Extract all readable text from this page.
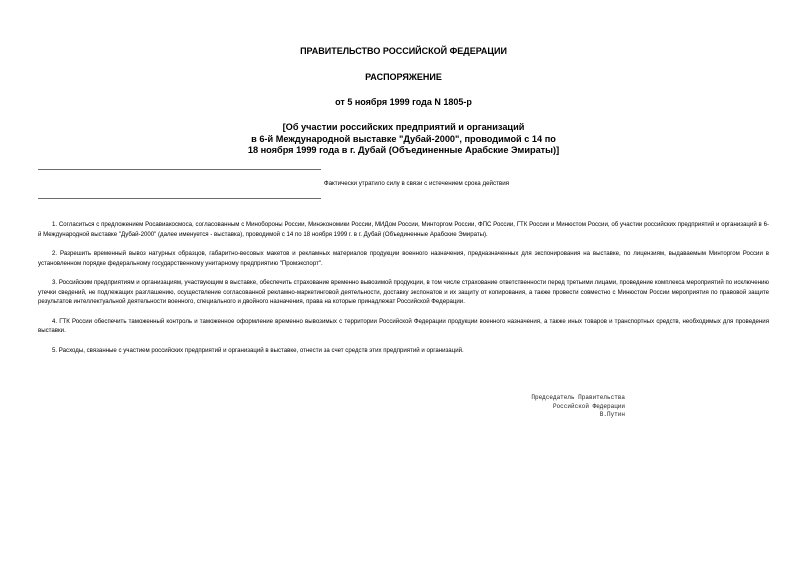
ПРАВИТЕЛЬСТВО РОССИЙСКОЙ ФЕДЕРАЦИИ

РАСПОРЯЖЕНИЕ

от 5 ноября 1999 года N 1805-р

[Об участии российских предприятий и организаций
в 6-й Международной выставке "Дубай-2000", проводимой с 14 по
18 ноября 1999 года в г. Дубай (Объединенные Арабские Эмираты)]

Фактически утратило силу в связи с истечением срока действия

1. Согласиться с предложением Росавиакосмоса, согласованным с Минобороны России, Минэкономики России, МИДом России, Минторгом России, ФПС России, ГТК России и Минюстом России, об участии российских предприятий и организаций в 6-й Международной выставке "Дубай-2000" (далее именуется - выставка), проводимой с 14 по 18 ноября 1999 г. в г. Дубай (Объединенные Арабские Эмираты).

2. Разрешить временный вывоз натурных образцов, габаритно-весовых макетов и рекламных материалов продукции военного назначения, предназначенных для экспонирования на выставке, по лицензиям, выдаваемым Минторгом России в установленном порядке федеральному государственному унитарному предприятию "Промэкспорт".

3. Российским предприятиям и организациям, участвующим в выставке, обеспечить страхование временно вывозимой продукции, в том числе страхование ответственности перед третьими лицами, проведение комплекса мероприятий по исключению утечки сведений, не подлежащих разглашению, осуществление согласованной рекламно-маркетинговой деятельности, доставку экспонатов и их защиту от копирования, а также провести совместно с Минюстом России мероприятия по правовой защите результатов интеллектуальной деятельности военного, специального и двойного назначения, права на которые принадлежат Российской Федерации.

4. ГТК России обеспечить таможенный контроль и таможенное оформление временно вывозимых с территории Российской Федерации продукции военного назначения, а также иных товаров и транспортных средств, необходимых для проведения выставки.

5. Расходы, связанные с участием российских предприятий и организаций в выставке, отнести за счет средств этих предприятий и организаций.

Председатель Правительства
Российской Федерации
В.Путин
